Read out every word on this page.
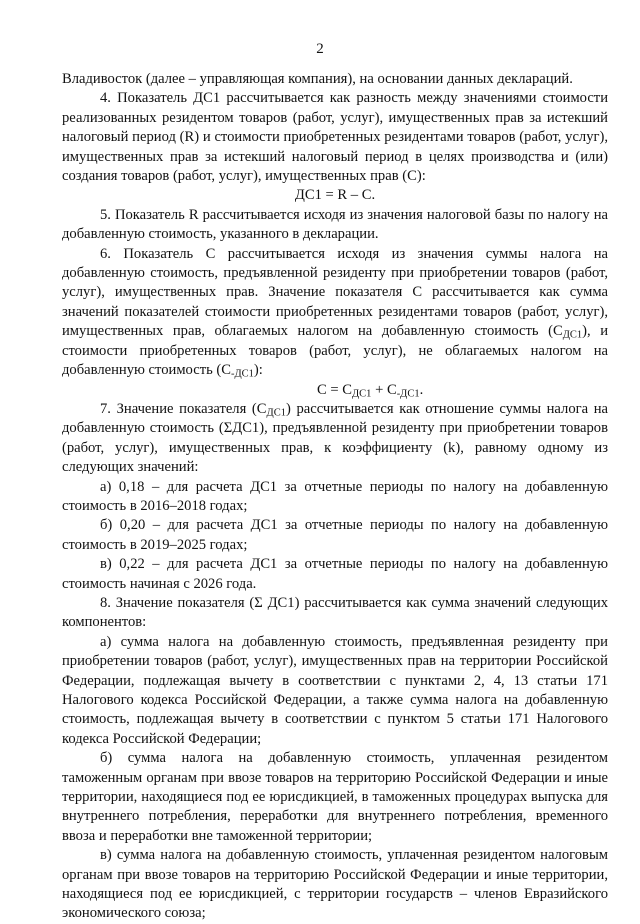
2

Владивосток (далее – управляющая компания), на основании данных деклараций.

4. Показатель ДС1 рассчитывается как разность между значениями стоимости реализованных резидентом товаров (работ, услуг), имущественных прав за истекший налоговый период (R) и стоимости приобретенных резидентами товаров (работ, услуг), имущественных прав за истекший налоговый период в целях производства и (или) создания товаров (работ, услуг), имущественных прав (С):

ДС1 = R – С.

5. Показатель R рассчитывается исходя из значения налоговой базы по налогу на добавленную стоимость, указанного в декларации.

6. Показатель С рассчитывается исходя из значения суммы налога на добавленную стоимость, предъявленной резиденту при приобретении товаров (работ, услуг), имущественных прав. Значение показателя С рассчитывается как сумма значений показателей стоимости приобретенных резидентами товаров (работ, услуг), имущественных прав, облагаемых налогом на добавленную стоимость $(С_{ДС1})$, и стоимости приобретенных товаров (работ, услуг), не облагаемых налогом на добавленную стоимость $(С_{-ДС1})$:

$С = С_{ДС1} + С_{-ДС1}$.

7. Значение показателя $(С_{ДС1})$ рассчитывается как отношение суммы налога на добавленную стоимость (ΣДС1), предъявленной резиденту при приобретении товаров (работ, услуг), имущественных прав, к коэффициенту (k), равному одному из следующих значений:

а) 0,18 – для расчета ДС1 за отчетные периоды по налогу на добавленную стоимость в 2016–2018 годах;

б) 0,20 – для расчета ДС1 за отчетные периоды по налогу на добавленную стоимость в 2019–2025 годах;

в) 0,22 – для расчета ДС1 за отчетные периоды по налогу на добавленную стоимость начиная с 2026 года.

8. Значение показателя (Σ ДС1) рассчитывается как сумма значений следующих компонентов:

а) сумма налога на добавленную стоимость, предъявленная резиденту при приобретении товаров (работ, услуг), имущественных прав на территории Российской Федерации, подлежащая вычету в соответствии с пунктами 2, 4, 13 статьи 171 Налогового кодекса Российской Федерации, а также сумма налога на добавленную стоимость, подлежащая вычету в соответствии с пунктом 5 статьи 171 Налогового кодекса Российской Федерации;

б) сумма налога на добавленную стоимость, уплаченная резидентом таможенным органам при ввозе товаров на территорию Российской Федерации и иные территории, находящиеся под ее юрисдикцией, в таможенных процедурах выпуска для внутреннего потребления, переработки для внутреннего потребления, временного ввоза и переработки вне таможенной территории;

в) сумма налога на добавленную стоимость, уплаченная резидентом налоговым органам при ввозе товаров на территорию Российской Федерации и иные территории, находящиеся под ее юрисдикцией, с территории государств – членов Евразийского экономического союза;
